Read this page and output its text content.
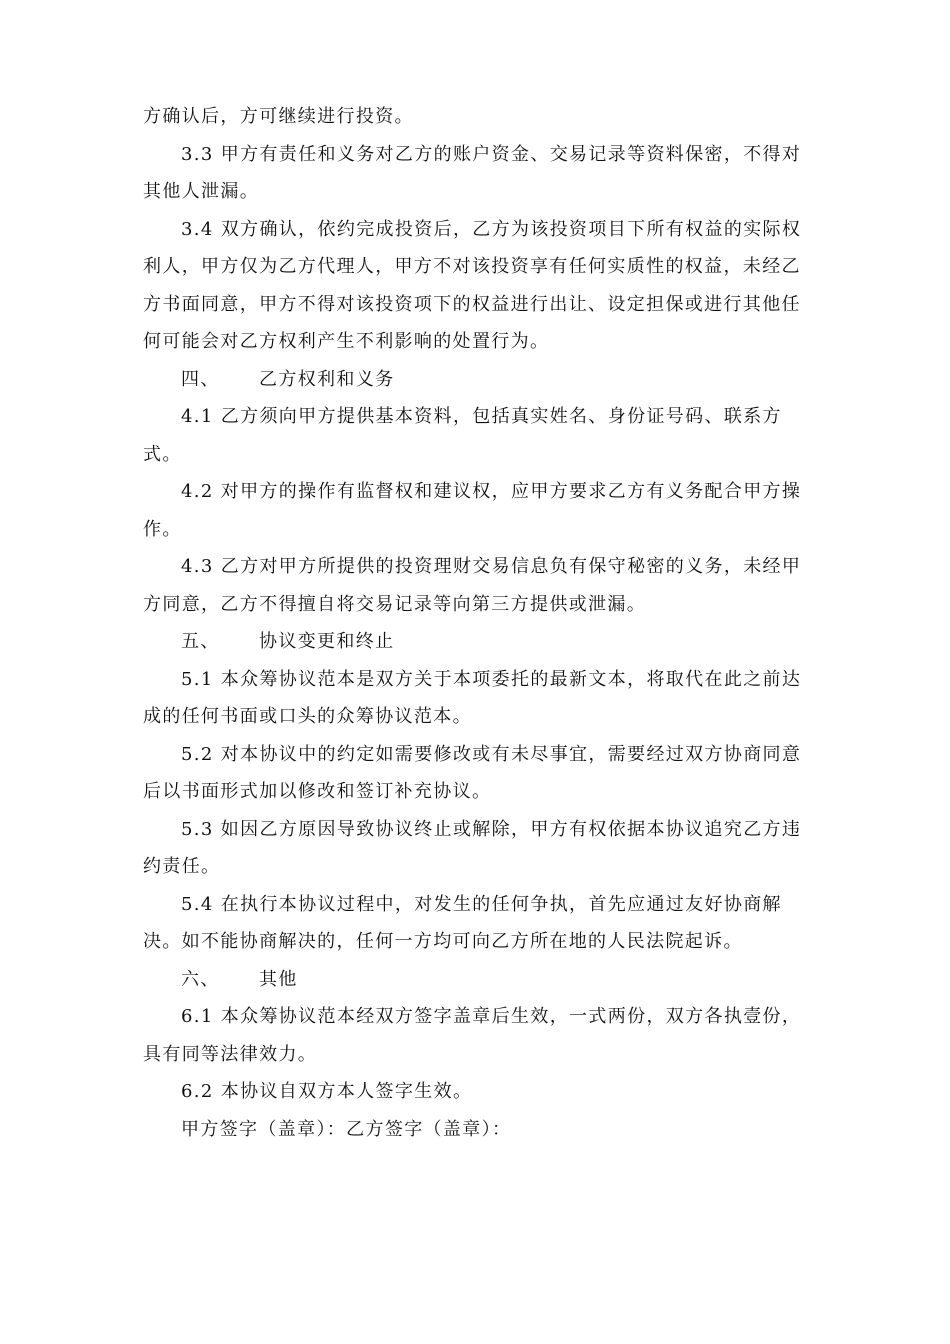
方确认后，方可继续进行投资。

3.3 甲方有责任和义务对乙方的账户资金、交易记录等资料保密，不得对其他人泄漏。

3.4 双方确认，依约完成投资后，乙方为该投资项目下所有权益的实际权利人，甲方仅为乙方代理人，甲方不对该投资享有任何实质性的权益，未经乙方书面同意，甲方不得对该投资项下的权益进行出让、设定担保或进行其他任何可能会对乙方权利产生不利影响的处置行为。

四、 乙方权利和义务

4.1 乙方须向甲方提供基本资料，包括真实姓名、身份证号码、联系方式。

4.2 对甲方的操作有监督权和建议权，应甲方要求乙方有义务配合甲方操作。

4.3 乙方对甲方所提供的投资理财交易信息负有保守秘密的义务，未经甲方同意，乙方不得擅自将交易记录等向第三方提供或泄漏。

五、 协议变更和终止

5.1 本众筹协议范本是双方关于本项委托的最新文本，将取代在此之前达成的任何书面或口头的众筹协议范本。

5.2 对本协议中的约定如需要修改或有未尽事宜，需要经过双方协商同意后以书面形式加以修改和签订补充协议。

5.3 如因乙方原因导致协议终止或解除，甲方有权依据本协议追究乙方违约责任。

5.4 在执行本协议过程中，对发生的任何争执，首先应通过友好协商解决。如不能协商解决的，任何一方均可向乙方所在地的人民法院起诉。

六、 其他

6.1 本众筹协议范本经双方签字盖章后生效，一式两份，双方各执壹份，具有同等法律效力。

6.2 本协议自双方本人签字生效。

甲方签字（盖章）：乙方签字（盖章）：
